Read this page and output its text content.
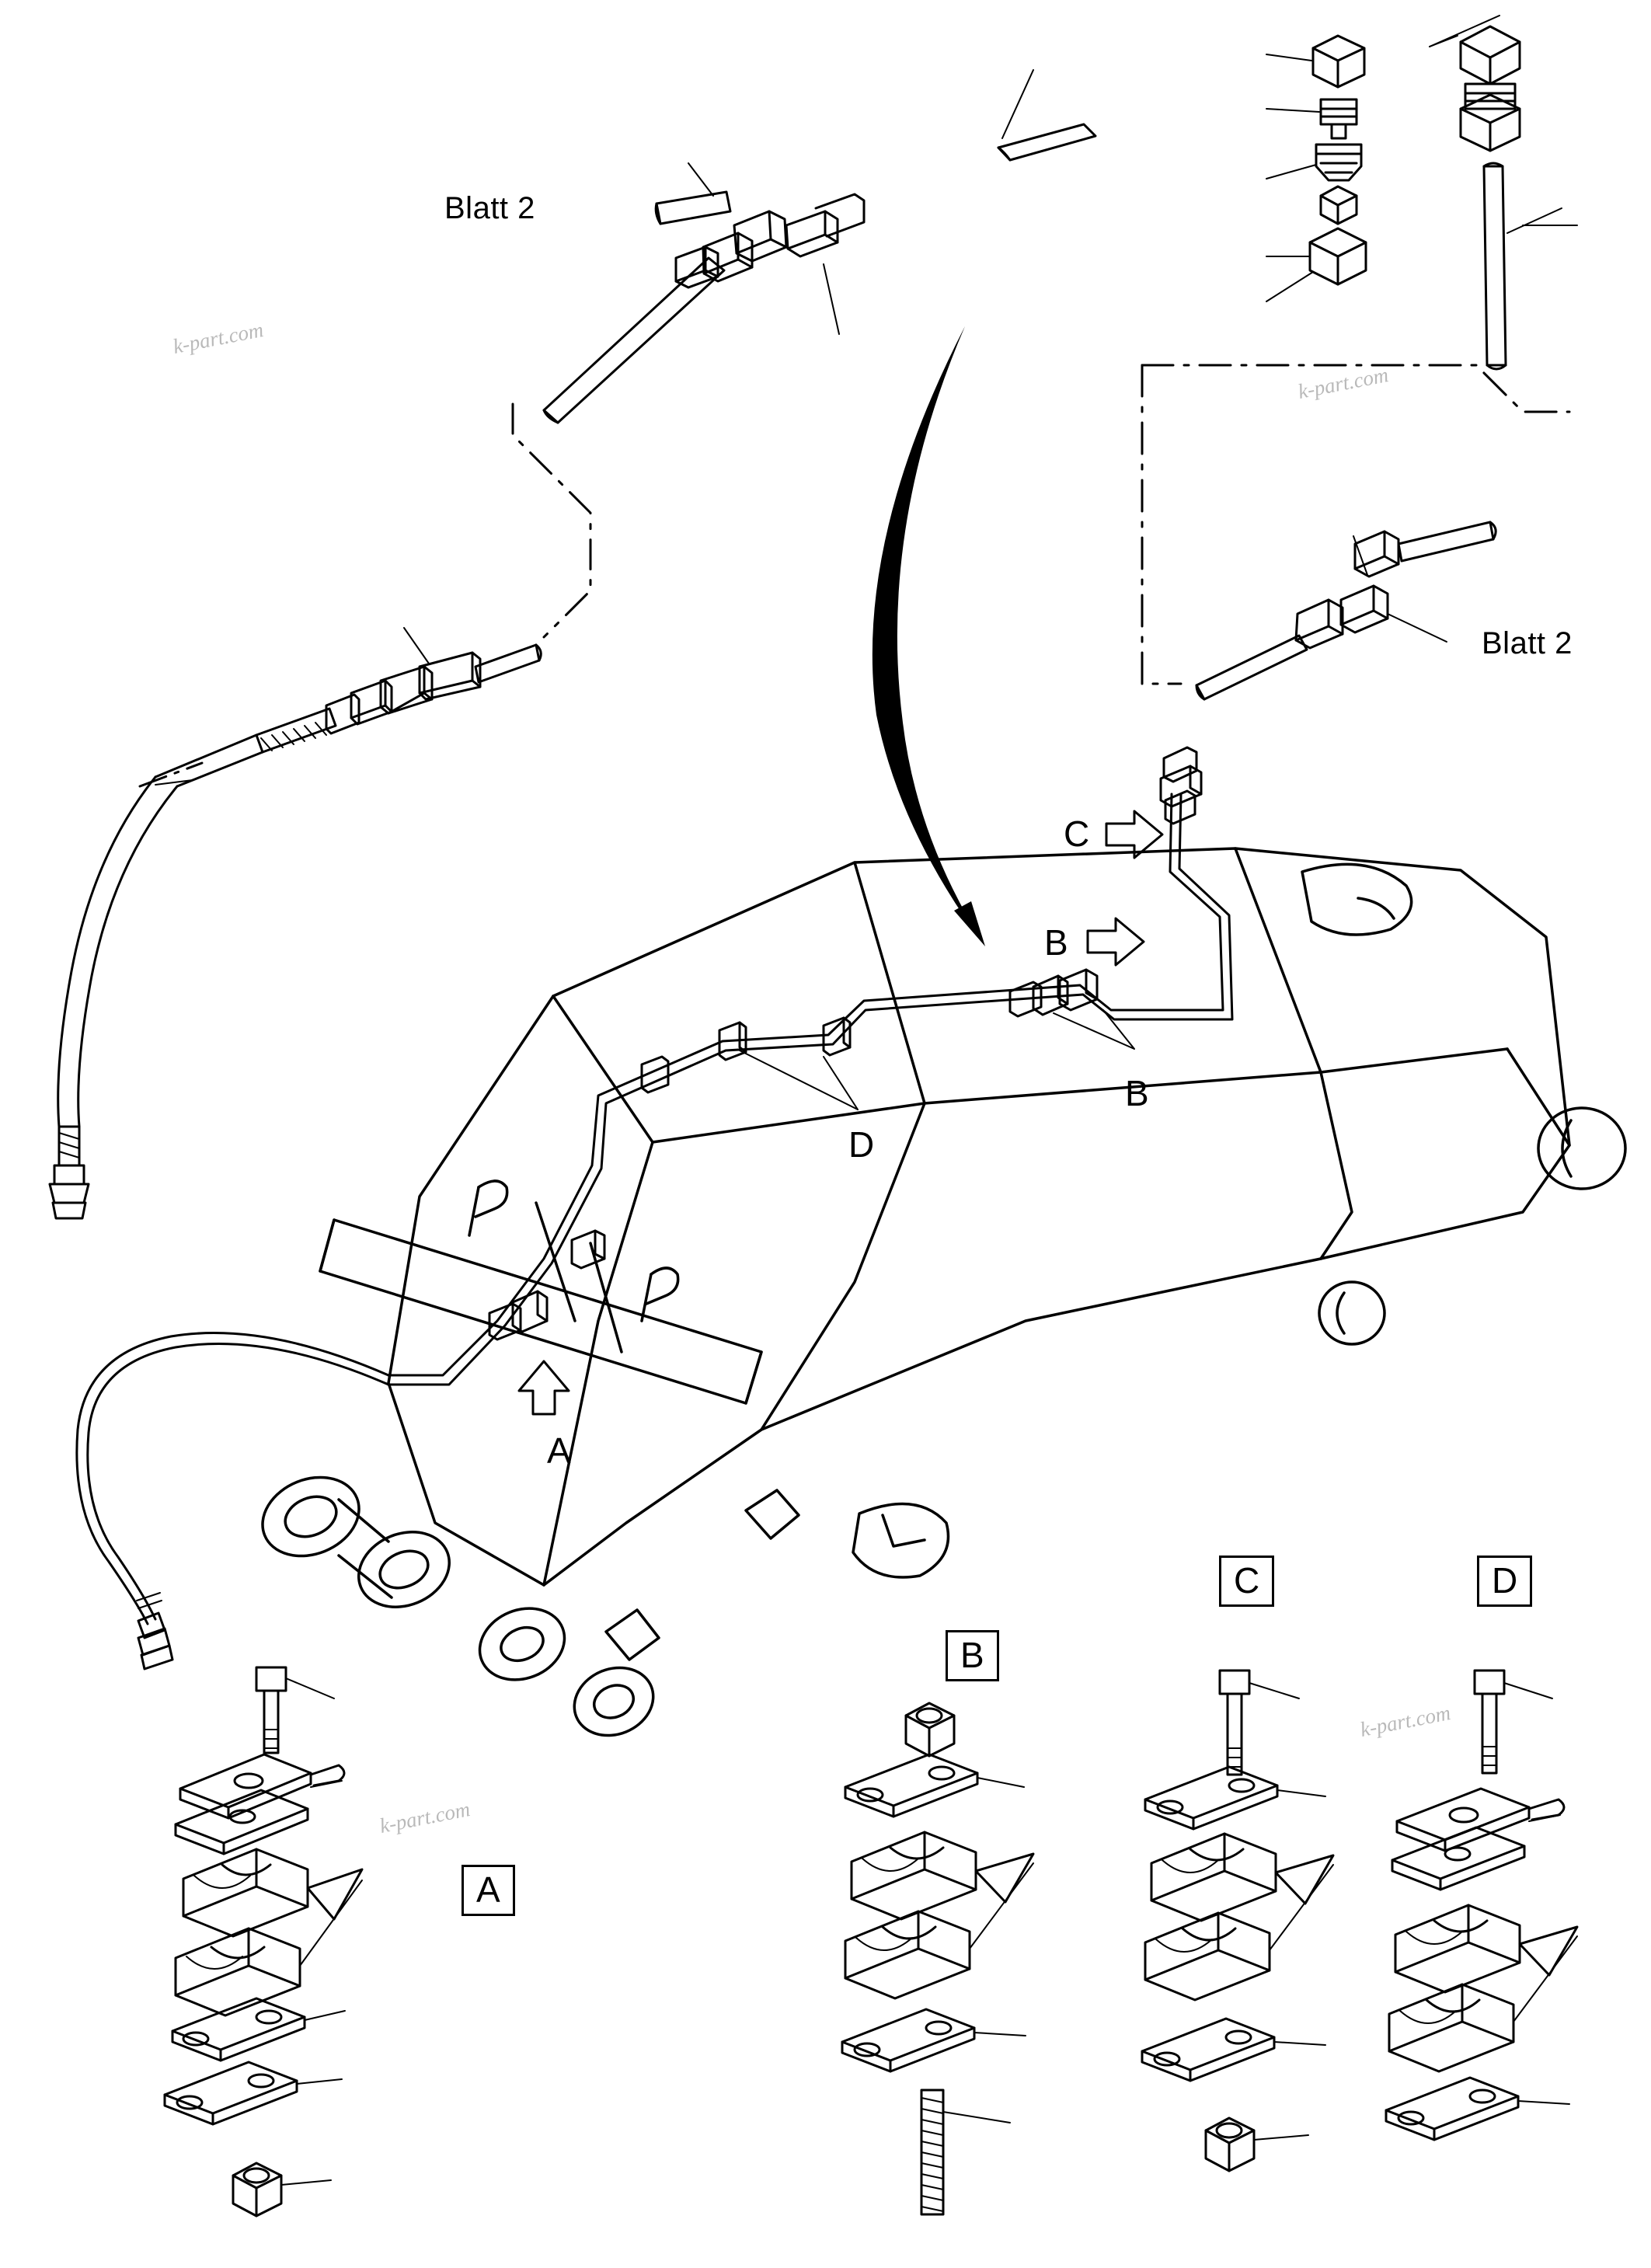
Blatt 2
Blatt 2
C
B
B
D
A
A
B
C	D
k-part.com
k-part.com
k-part.com
k-part.com
